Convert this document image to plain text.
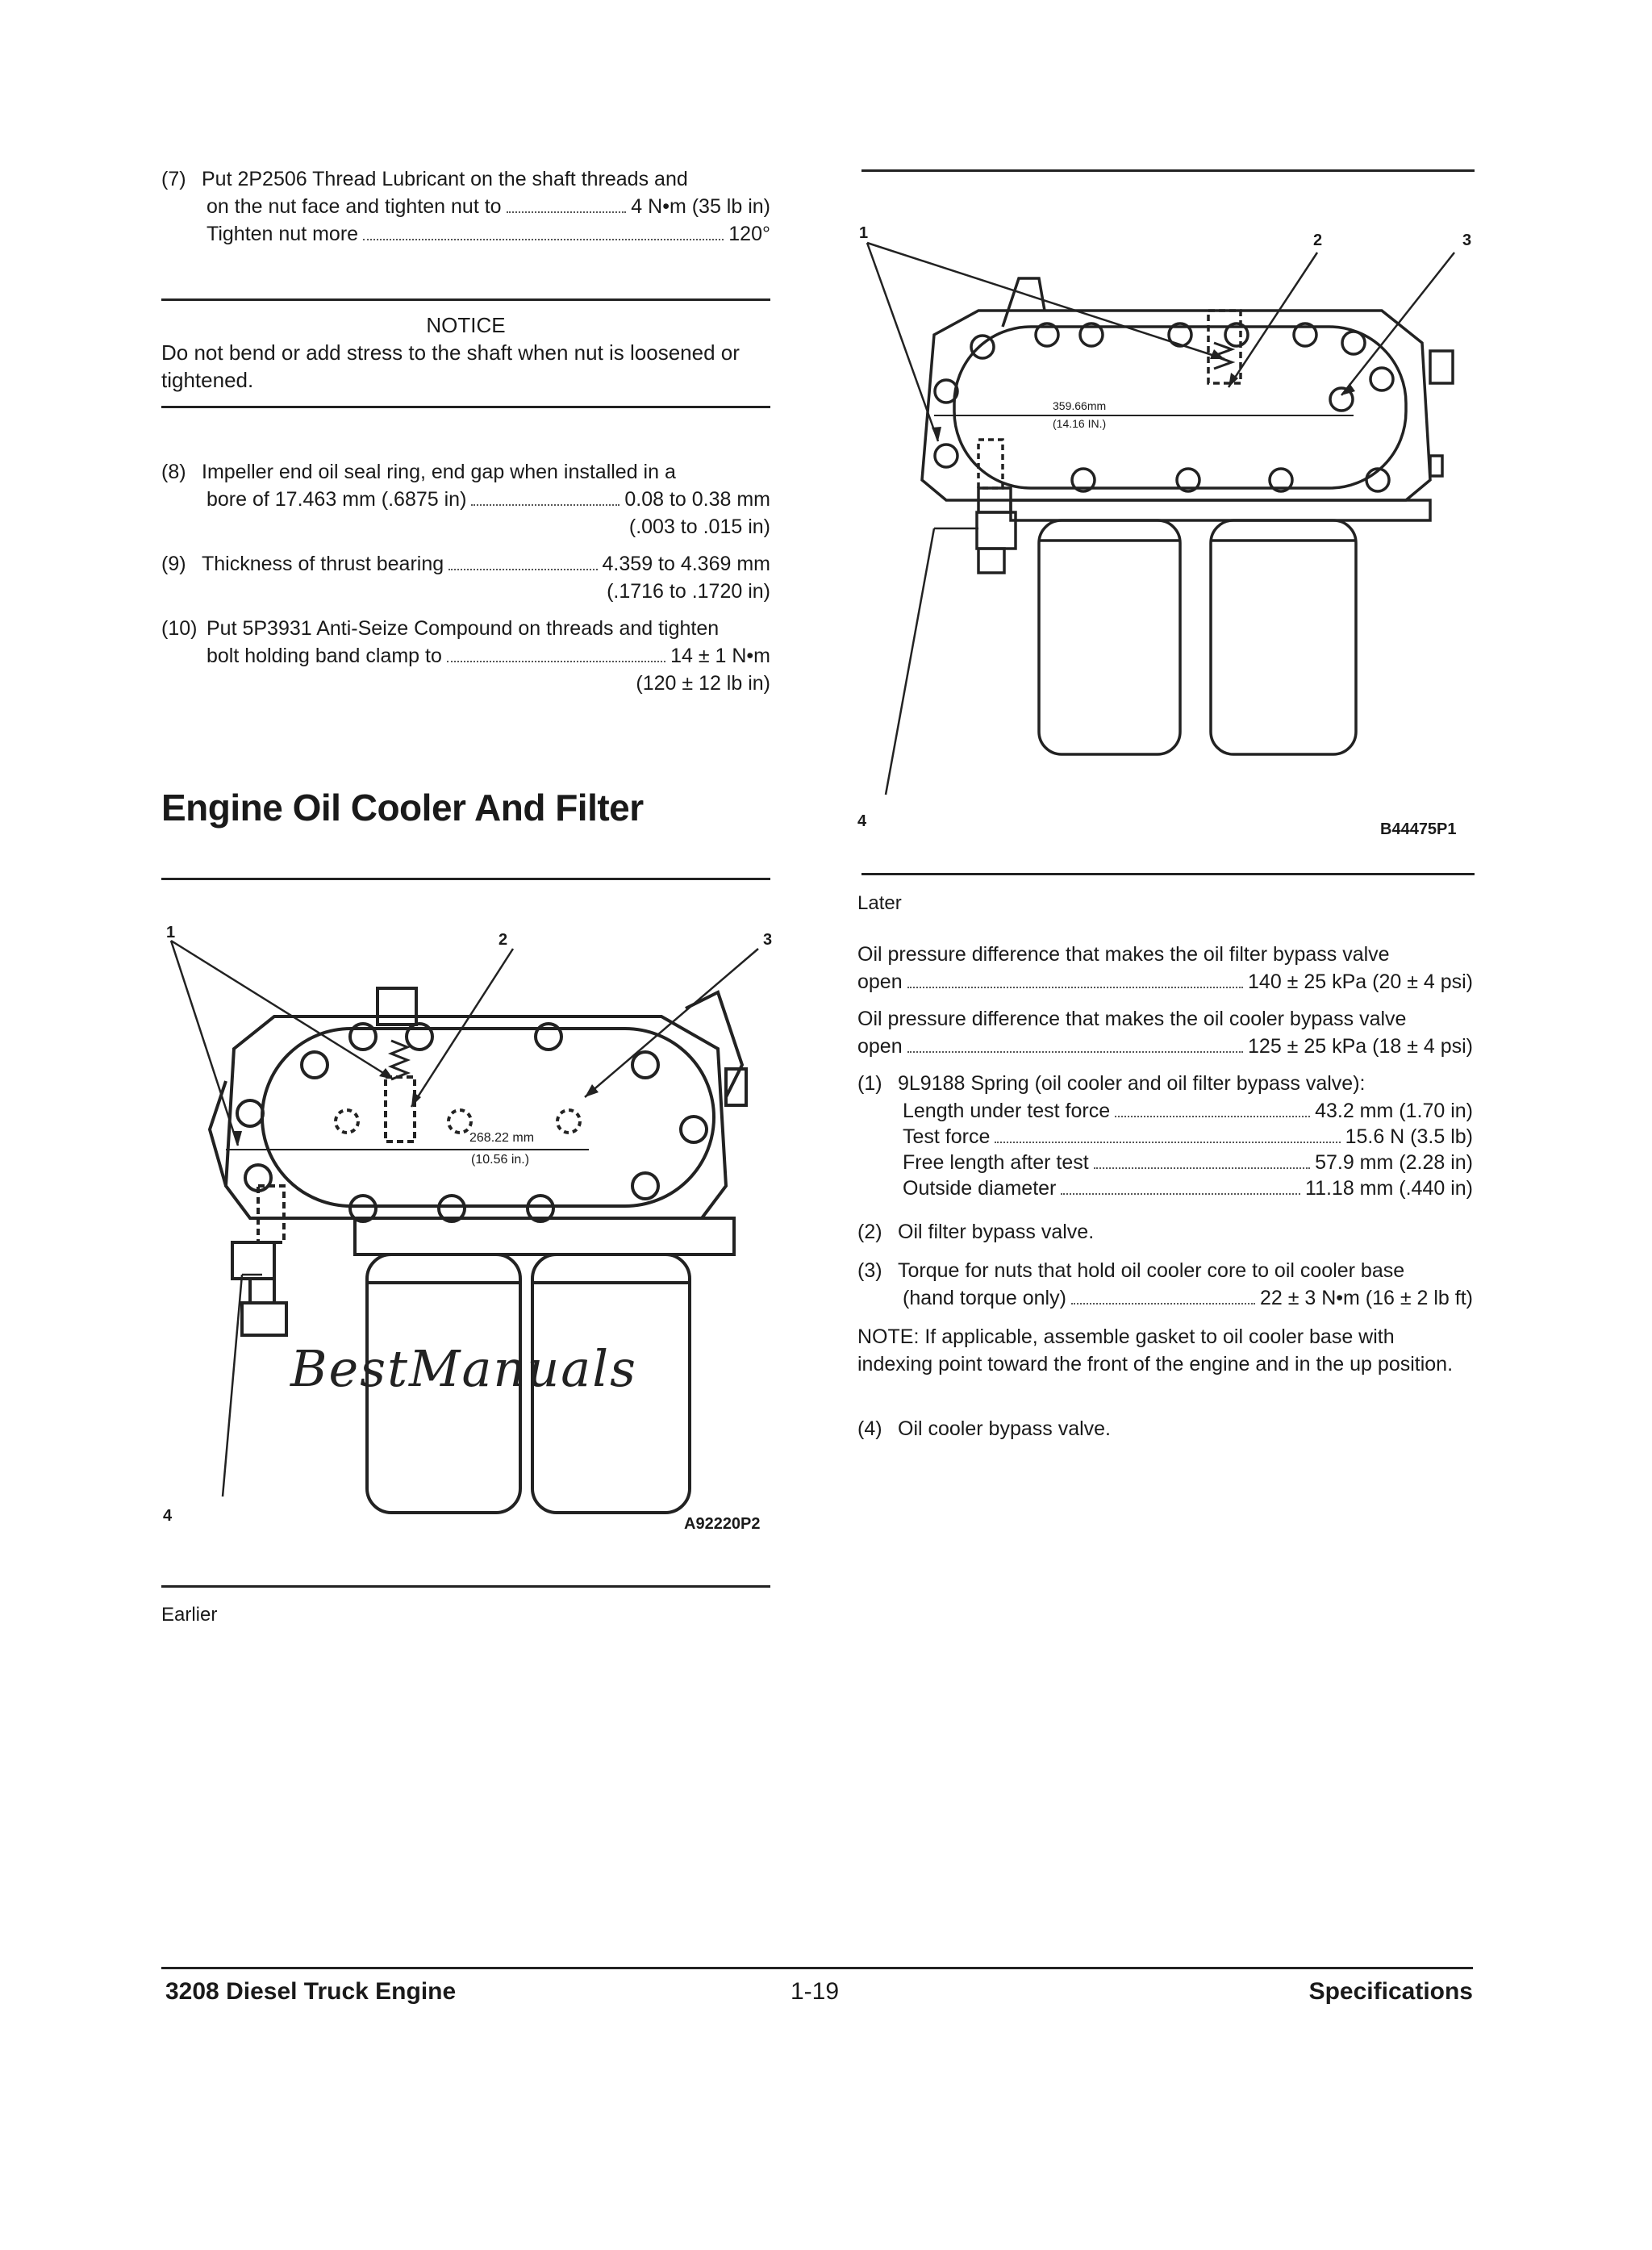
(7) Put 2P2506 Thread Lubricant on the shaft threads and

on the nut face and tighten nut to	4 N•m (35 lb in)
Tighten nut more	120°
NOTICE
Do not bend or add stress to the shaft when nut is loosened or tightened.

(8) Impeller end oil seal ring, end gap when installed in a

bore of 17.463 mm (.6875 in)	0.08 to 0.38 mm
(.003 to .015 in)
(9) Thickness of thrust bearing	4.359 to 4.369 mm
(.1716 to .1720 in)

(10) Put 5P3931 Anti-Seize Compound on threads and tighten

bolt holding band clamp to	14 ± 1 N•m
(120 ± 12 lb in)
Engine Oil Cooler And Filter
1	2	3
4
268.22 mm
(10.56 in.)
BestManuals
A92220P2
Earlier
1	2	3
4
359.66mm
(14.16 IN.)
B44475P1
Later

Oil pressure difference that makes the oil filter bypass valve

open	140 ± 25 kPa (20 ± 4 psi)

Oil pressure difference that makes the oil cooler bypass valve

open	125 ± 25 kPa (18 ± 4 psi)

(1) 9L9188 Spring (oil cooler and oil filter bypass valve):

Length under test force	43.2 mm (1.70 in)
Test force	15.6 N (3.5 lb)
Free length after test	57.9 mm (2.28 in)
Outside diameter	11.18 mm (.440 in)

(2) Oil filter bypass valve.

(3) Torque for nuts that hold oil cooler core to oil cooler base

(hand torque only)	22 ± 3 N•m (16 ± 2 lb ft)

NOTE: If applicable, assemble gasket to oil cooler base with indexing point toward the front of the engine and in the up position.

(4) Oil cooler bypass valve.

3208 Diesel Truck Engine	1-19	Specifications
